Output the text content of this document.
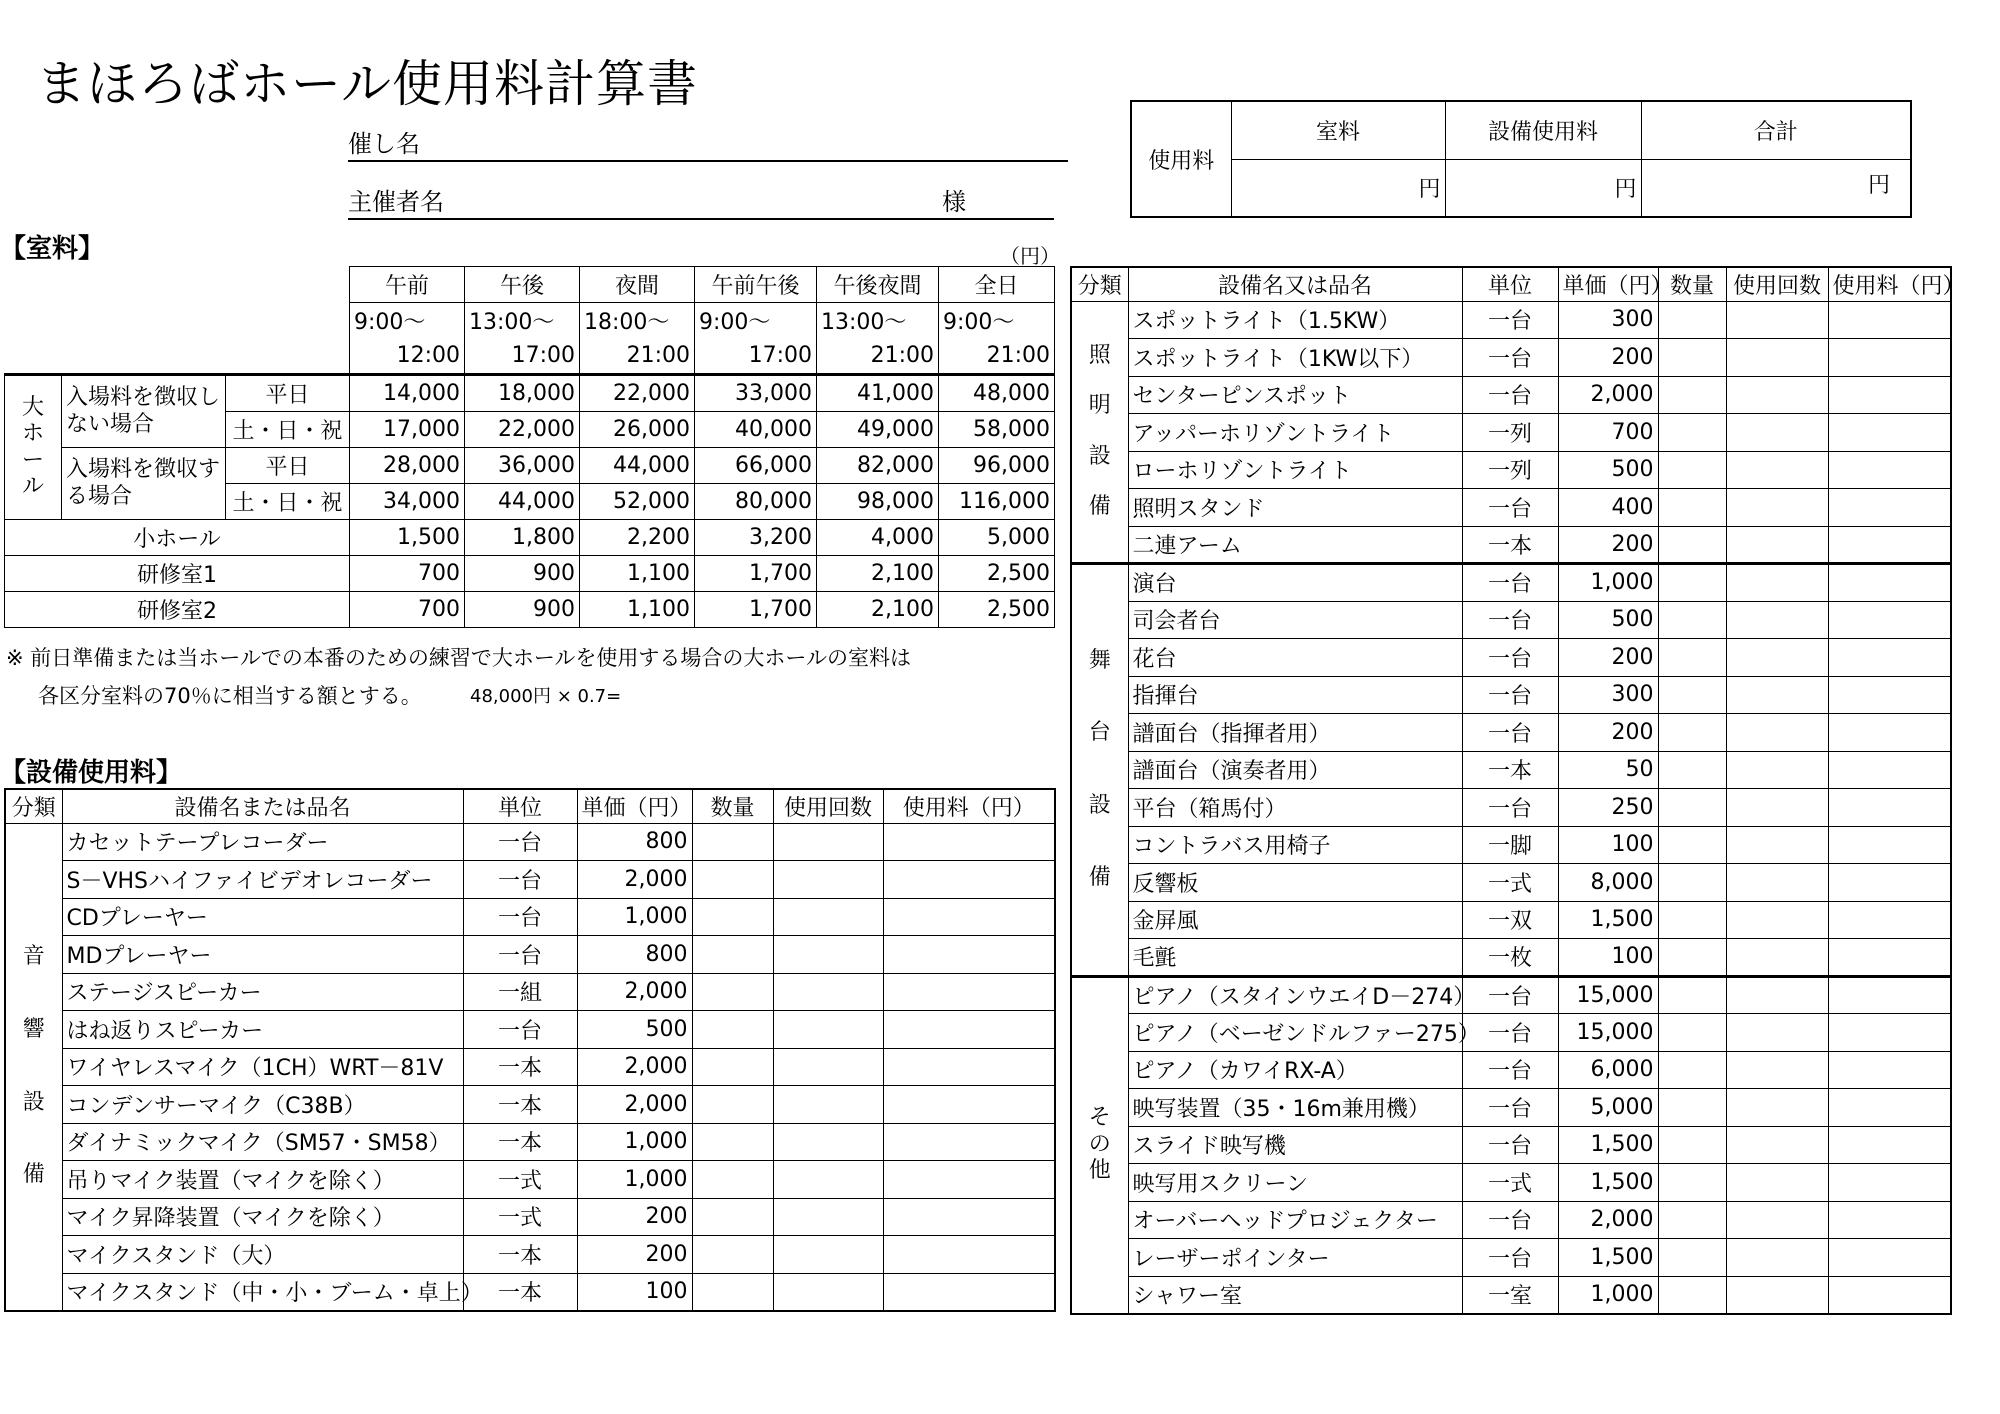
まほろばホール使用料計算書
催し名
主催者名	様
使用料	室料	設備使用料	合計
	円	円	円
【室料】	（円）
			午前	午後	夜間	午前午後	午後夜間	全日
			9:00～	13:00～	18:00～	9:00～	13:00～	9:00～
			12:00	17:00	21:00	17:00	21:00	21:00
大ホール	入場料を徴収しない場合	平日	14,000	18,000	22,000	33,000	41,000	48,000
		土・日・祝	17,000	22,000	26,000	40,000	49,000	58,000
	入場料を徴収する場合	平日	28,000	36,000	44,000	66,000	82,000	96,000
		土・日・祝	34,000	44,000	52,000	80,000	98,000	116,000
小ホール			1,500	1,800	2,200	3,200	4,000	5,000
研修室1			700	900	1,100	1,700	2,100	2,500
研修室2			700	900	1,100	1,700	2,100	2,500
※ 前日準備または当ホールでの本番のための練習で大ホールを使用する場合の大ホールの室料は
各区分室料の70％に相当する額とする。	48,000円 × 0.7=
【設備使用料】
分類	設備名または品名	単位	単価（円）	数量	使用回数	使用料（円）
音響設備	カセットテープレコーダー	一台	800			
	S－VHSハイファイビデオレコーダー	一台	2,000			
	CDプレーヤー	一台	1,000			
	MDプレーヤー	一台	800			
	ステージスピーカー	一組	2,000			
	はね返りスピーカー	一台	500			
	ワイヤレスマイク（1CH）WRT－81V	一本	2,000			
	コンデンサーマイク（C38B）	一本	2,000			
	ダイナミックマイク（SM57・SM58）	一本	1,000			
	吊りマイク装置（マイクを除く）	一式	1,000			
	マイク昇降装置（マイクを除く）	一式	200			
	マイクスタンド（大）	一本	200			
	マイクスタンド（中・小・ブーム・卓上）	一本	100			
分類	設備名又は品名	単位	単価（円）	数量	使用回数	使用料（円）
照明設備	スポットライト（1.5KW）	一台	300			
	スポットライト（1KW以下）	一台	200			
	センターピンスポット	一台	2,000			
	アッパーホリゾントライト	一列	700			
	ローホリゾントライト	一列	500			
	照明スタンド	一台	400			
	二連アーム	一本	200			
舞台設備	演台	一台	1,000			
	司会者台	一台	500			
	花台	一台	200			
	指揮台	一台	300			
	譜面台（指揮者用）	一台	200			
	譜面台（演奏者用）	一本	50			
	平台（箱馬付）	一台	250			
	コントラバス用椅子	一脚	100			
	反響板	一式	8,000			
	金屏風	一双	1,500			
	毛氈	一枚	100			
その他	ピアノ（スタインウエイD－274）	一台	15,000			
	ピアノ（ベーゼンドルファー275）	一台	15,000			
	ピアノ（カワイRX-A）	一台	6,000			
	映写装置（35・16m兼用機）	一台	5,000			
	スライド映写機	一台	1,500			
	映写用スクリーン	一式	1,500			
	オーバーヘッドプロジェクター	一台	2,000			
	レーザーポインター	一台	1,500			
	シャワー室	一室	1,000			
